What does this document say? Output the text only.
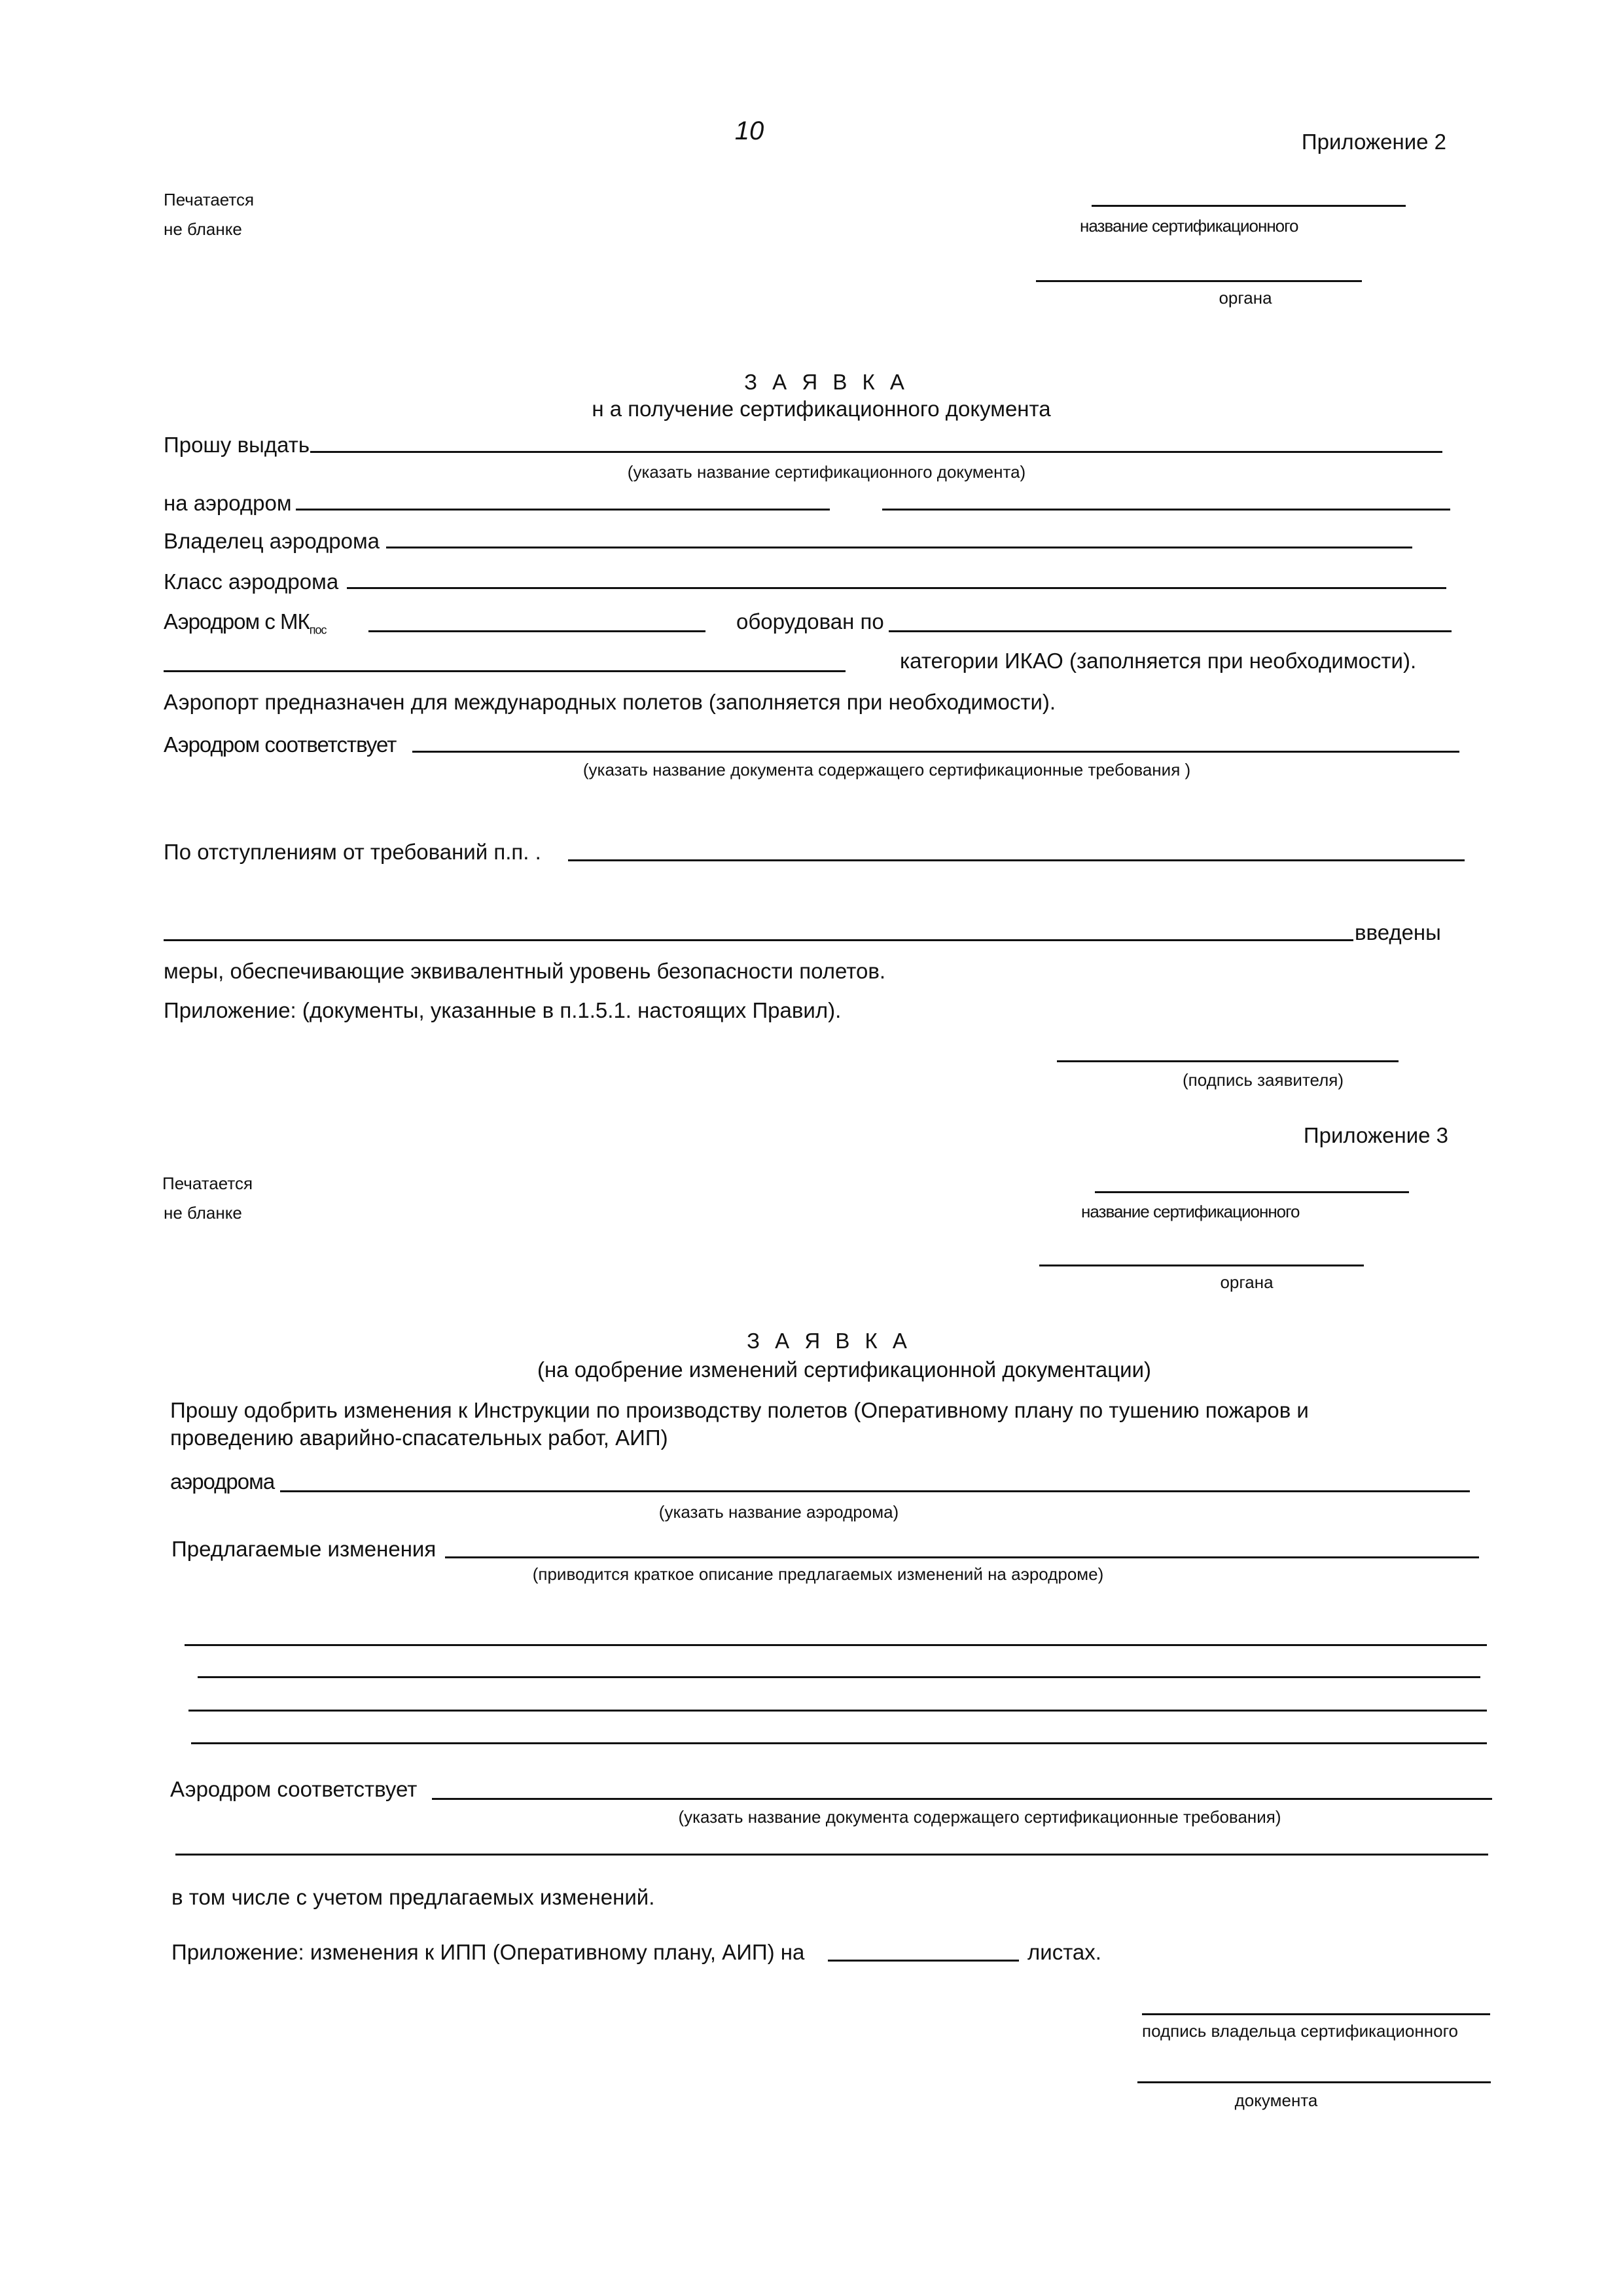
10	Приложение 2
Печатается
не бланке	название сертификационного
органа
З А Я В К А
н а получение сертификационного документа
Прошу выдать
(указать название сертификационного документа)
на аэродром
Владелец аэродрома
Класс аэродрома
Аэродром с $МК_{пос}$	оборудован по
категории ИКАО (заполняется при необходимости).
Аэропорт предназначен для международных полетов (заполняется при необходимости).
Аэродром соответствует
(указать название документа содержащего сертификационные требования )
По отступлениям от требований п.п. .
введены
меры, обеспечивающие эквивалентный уровень безопасности полетов.
Приложение: (документы, указанные в п.1.5.1. настоящих Правил).
(подпись заявителя)
Приложение 3
Печатается
не бланке	название сертификационного
органа
З А Я В К А
(на одобрение изменений сертификационной документации)
Прошу одобрить изменения к Инструкции по производству полетов (Оперативному плану по тушению пожаров и
проведению аварийно-спасательных работ, АИП)
аэродрома
(указать название аэродрома)
Предлагаемые изменения
(приводится краткое описание предлагаемых изменений на аэродроме)
Аэродром соответствует
(указать название документа содержащего сертификационные требования)
в том числе с учетом предлагаемых изменений.
Приложение: изменения к ИПП (Оперативному плану, АИП) на	листах.
подпись владельца сертификационного
документа
